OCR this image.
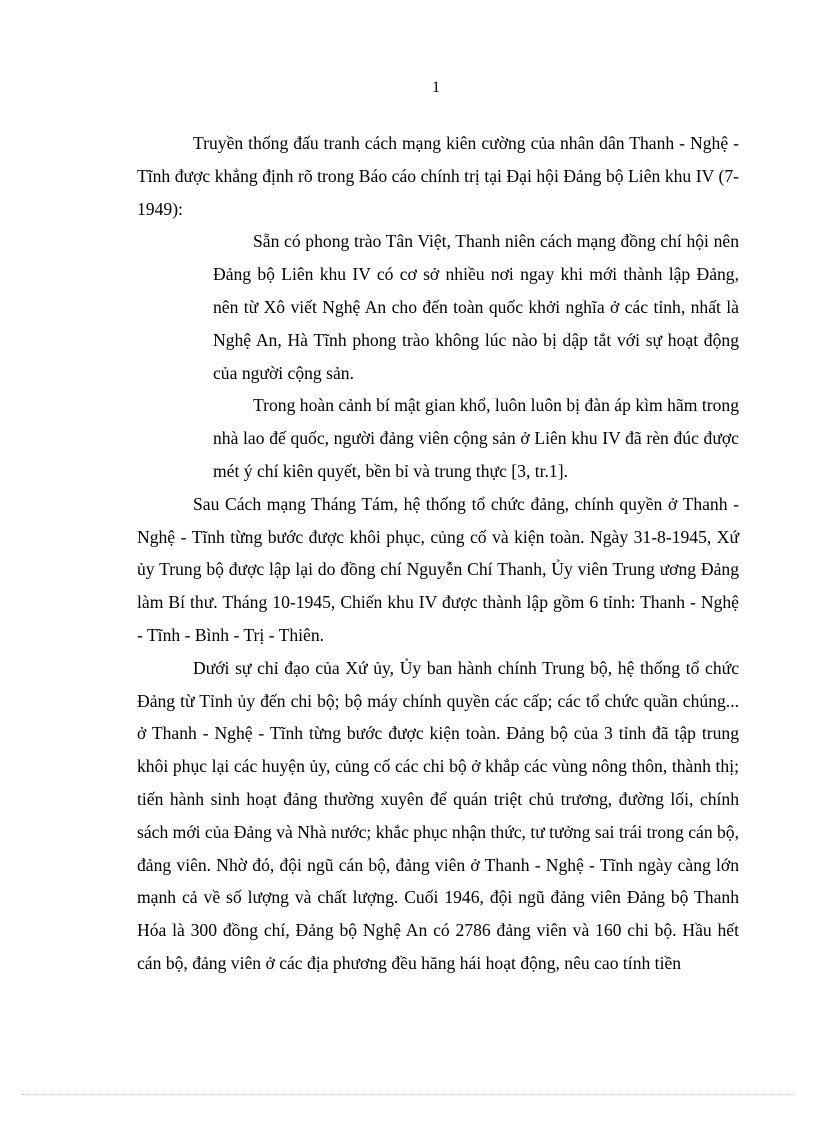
1

Truyền thống đấu tranh cách mạng kiên cường của nhân dân Thanh - Nghệ - Tĩnh được khẳng định rõ trong Báo cáo chính trị tại Đại hội Đảng bộ Liên khu IV (7-1949):

Sẵn có phong trào Tân Việt, Thanh niên cách mạng đồng chí hội nên Đảng bộ Liên khu IV có cơ sở nhiều nơi ngay khi mới thành lập Đảng, nên từ Xô viết Nghệ An cho đến toàn quốc khởi nghĩa ở các tỉnh, nhất là Nghệ An, Hà Tĩnh phong trào không lúc nào bị dập tắt với sự hoạt động của người cộng sản.

Trong hoàn cảnh bí mật gian khổ, luôn luôn bị đàn áp kìm hãm trong nhà lao đế quốc, người đảng viên cộng sản ở Liên khu IV đã rèn đúc được mét ý chí kiên quyết, bền bỉ và trung thực [3, tr.1].

Sau Cách mạng Tháng Tám, hệ thống tổ chức đảng, chính quyền ở Thanh - Nghệ - Tĩnh từng bước được khôi phục, củng cố và kiện toàn. Ngày 31-8-1945, Xứ ủy Trung bộ được lập lại do đồng chí Nguyễn Chí Thanh, Ủy viên Trung ương Đảng làm Bí thư. Tháng 10-1945, Chiến khu IV được thành lập gồm 6 tỉnh: Thanh - Nghệ - Tĩnh - Bình - Trị - Thiên.

Dưới sự chỉ đạo của Xứ ủy, Ủy ban hành chính Trung bộ, hệ thống tổ chức Đảng từ Tỉnh ủy đến chi bộ; bộ máy chính quyền các cấp; các tổ chức quần chúng... ở Thanh - Nghệ - Tĩnh từng bước được kiện toàn. Đảng bộ của 3 tỉnh đã tập trung khôi phục lại các huyện ủy, củng cố các chi bộ ở khắp các vùng nông thôn, thành thị; tiến hành sinh hoạt đảng thường xuyên để quán triệt chủ trương, đường lối, chính sách mới của Đảng và Nhà nước; khắc phục nhận thức, tư tưởng sai trái trong cán bộ, đảng viên. Nhờ đó, đội ngũ cán bộ, đảng viên ở Thanh - Nghệ - Tĩnh ngày càng lớn mạnh cả về số lượng và chất lượng. Cuối 1946, đội ngũ đảng viên Đảng bộ Thanh Hóa là 300 đồng chí, Đảng bộ Nghệ An có 2786 đảng viên và 160 chi bộ. Hầu hết cán bộ, đảng viên ở các địa phương đều hăng hái hoạt động, nêu cao tính tiền
